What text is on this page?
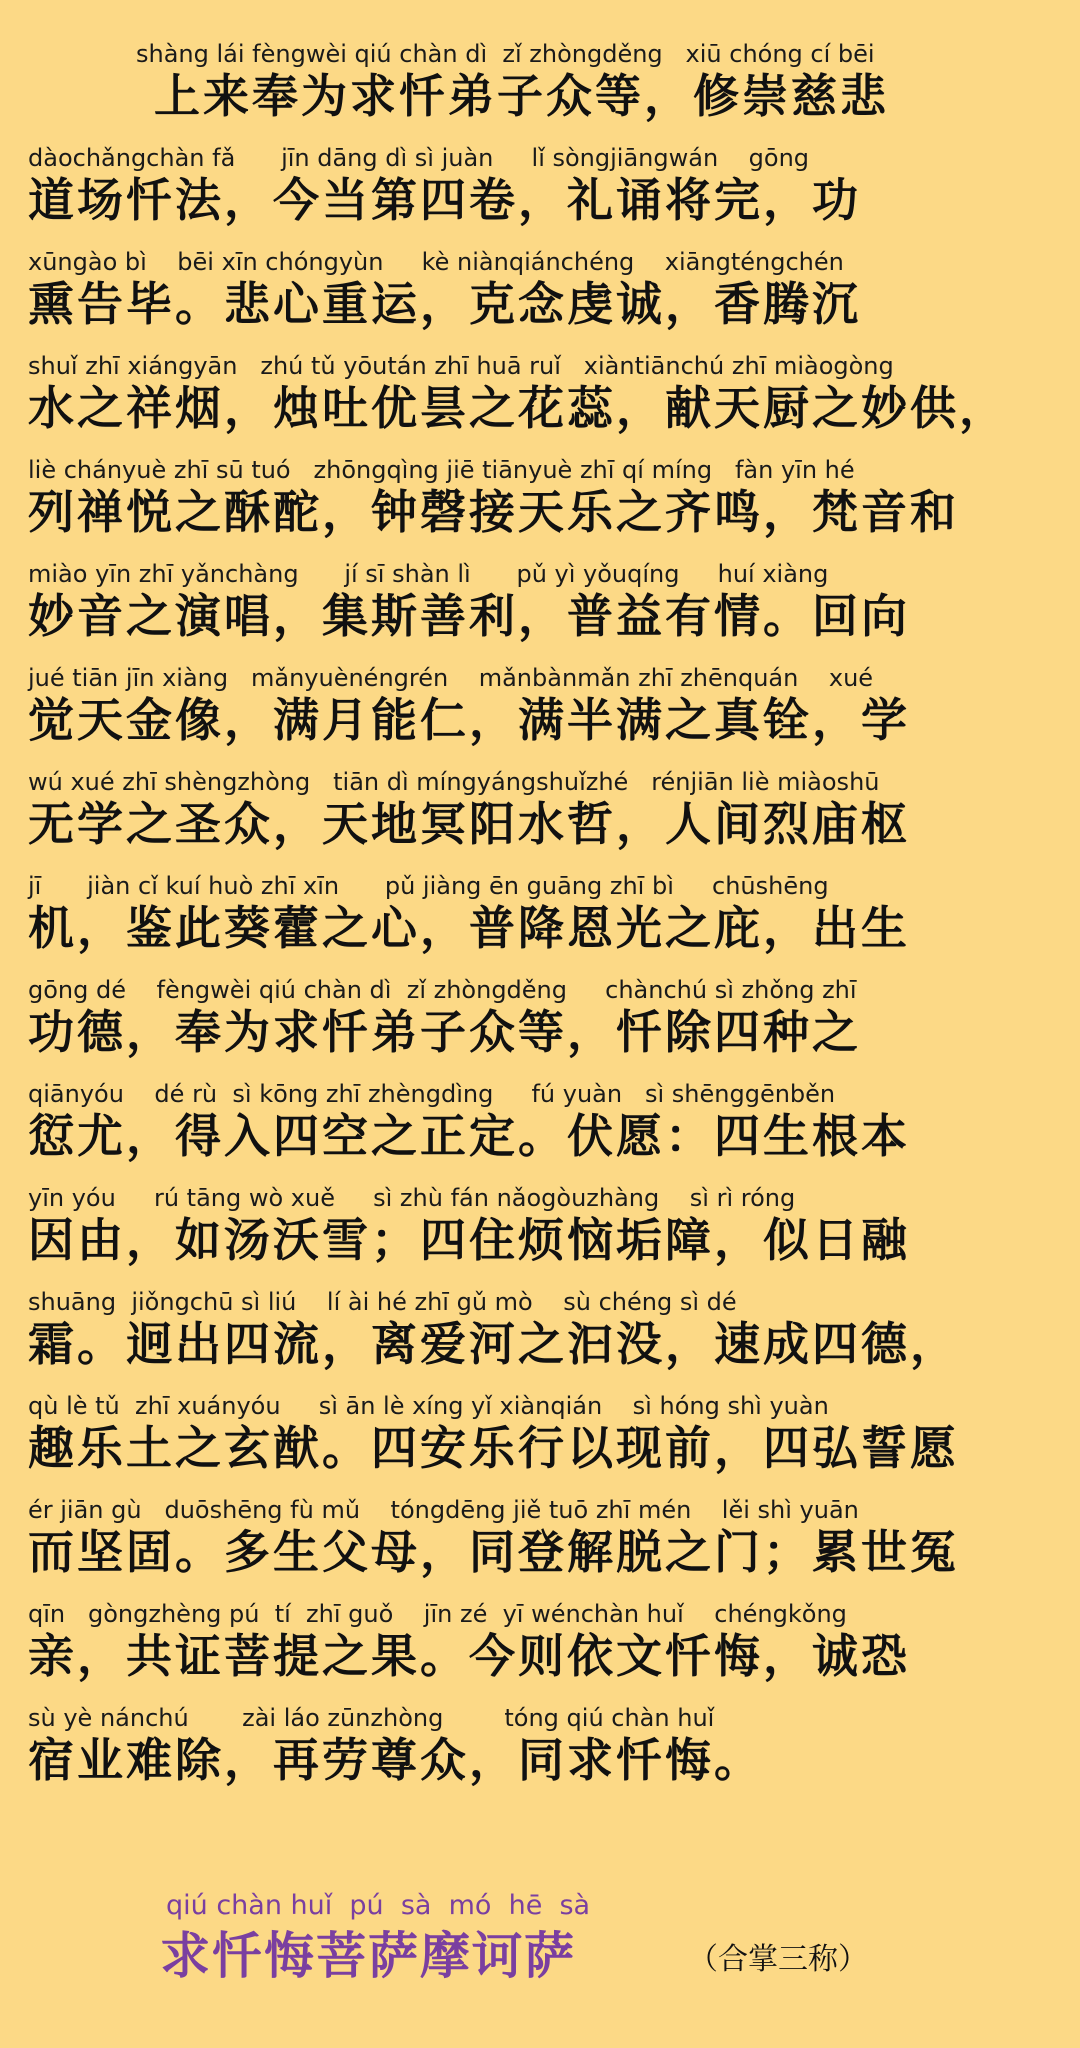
shàng lái fèngwèi qiú chàn dì  zǐ zhòngděng   xiū chóng cí bēi
上来奉为求忏弟子众等，修崇慈悲
dàochǎngchàn fǎ      jīn dāng dì sì juàn     lǐ sòngjiāngwán    gōng
道场忏法，今当第四卷，礼诵将完，功
xūngào bì    bēi xīn chóngyùn     kè niànqiánchéng    xiāngténgchén
熏告毕。悲心重运，克念虔诚，香腾沉
shuǐ zhī xiángyān   zhú tǔ yōután zhī huā ruǐ   xiàntiānchú zhī miàogòng
水之祥烟，烛吐优昙之花蕊，献天厨之妙供，
liè chányuè zhī sū tuó   zhōngqìng jiē tiānyuè zhī qí míng   fàn yīn hé
列禅悦之酥酡，钟磬接天乐之齐鸣，梵音和
miào yīn zhī yǎnchàng      jí sī shàn lì      pǔ yì yǒuqíng     huí xiàng
妙音之演唱，集斯善利，普益有情。回向
jué tiān jīn xiàng   mǎnyuènéngrén    mǎnbànmǎn zhī zhēnquán    xué
觉天金像，满月能仁，满半满之真铨，学
wú xué zhī shèngzhòng   tiān dì míngyángshuǐzhé   rénjiān liè miàoshū
无学之圣众，天地冥阳水哲，人间烈庙枢
jī      jiàn cǐ kuí huò zhī xīn      pǔ jiàng ēn guāng zhī bì     chūshēng
机，鉴此葵藿之心，普降恩光之庇，出生
gōng dé    fèngwèi qiú chàn dì  zǐ zhòngděng     chànchú sì zhǒng zhī
功德，奉为求忏弟子众等，忏除四种之
qiānyóu    dé rù  sì kōng zhī zhèngdìng     fú yuàn   sì shēnggēnběn
愆尤，得入四空之正定。伏愿：四生根本
yīn yóu     rú tāng wò xuě     sì zhù fán nǎogòuzhàng    sì rì róng
因由，如汤沃雪；四住烦恼垢障，似日融
shuāng  jiǒngchū sì liú    lí ài hé zhī gǔ mò    sù chéng sì dé
霜。迥出四流，离爱河之汩没，速成四德，
qù lè tǔ  zhī xuányóu     sì ān lè xíng yǐ xiànqián    sì hóng shì yuàn
趣乐土之玄猷。四安乐行以现前，四弘誓愿
ér jiān gù   duōshēng fù mǔ    tóngdēng jiě tuō zhī mén    lěi shì yuān
而坚固。多生父母，同登解脱之门；累世冤
qīn   gòngzhèng pú  tí  zhī guǒ    jīn zé  yī wénchàn huǐ    chéngkǒng
亲，共证菩提之果。今则依文忏悔，诚恐
sù yè nánchú       zài láo zūnzhòng        tóng qiú chàn huǐ
宿业难除，再劳尊众，同求忏悔。
qiú chàn huǐ  pú  sà  mó  hē  sà
求忏悔菩萨摩诃萨	（合掌三称）
